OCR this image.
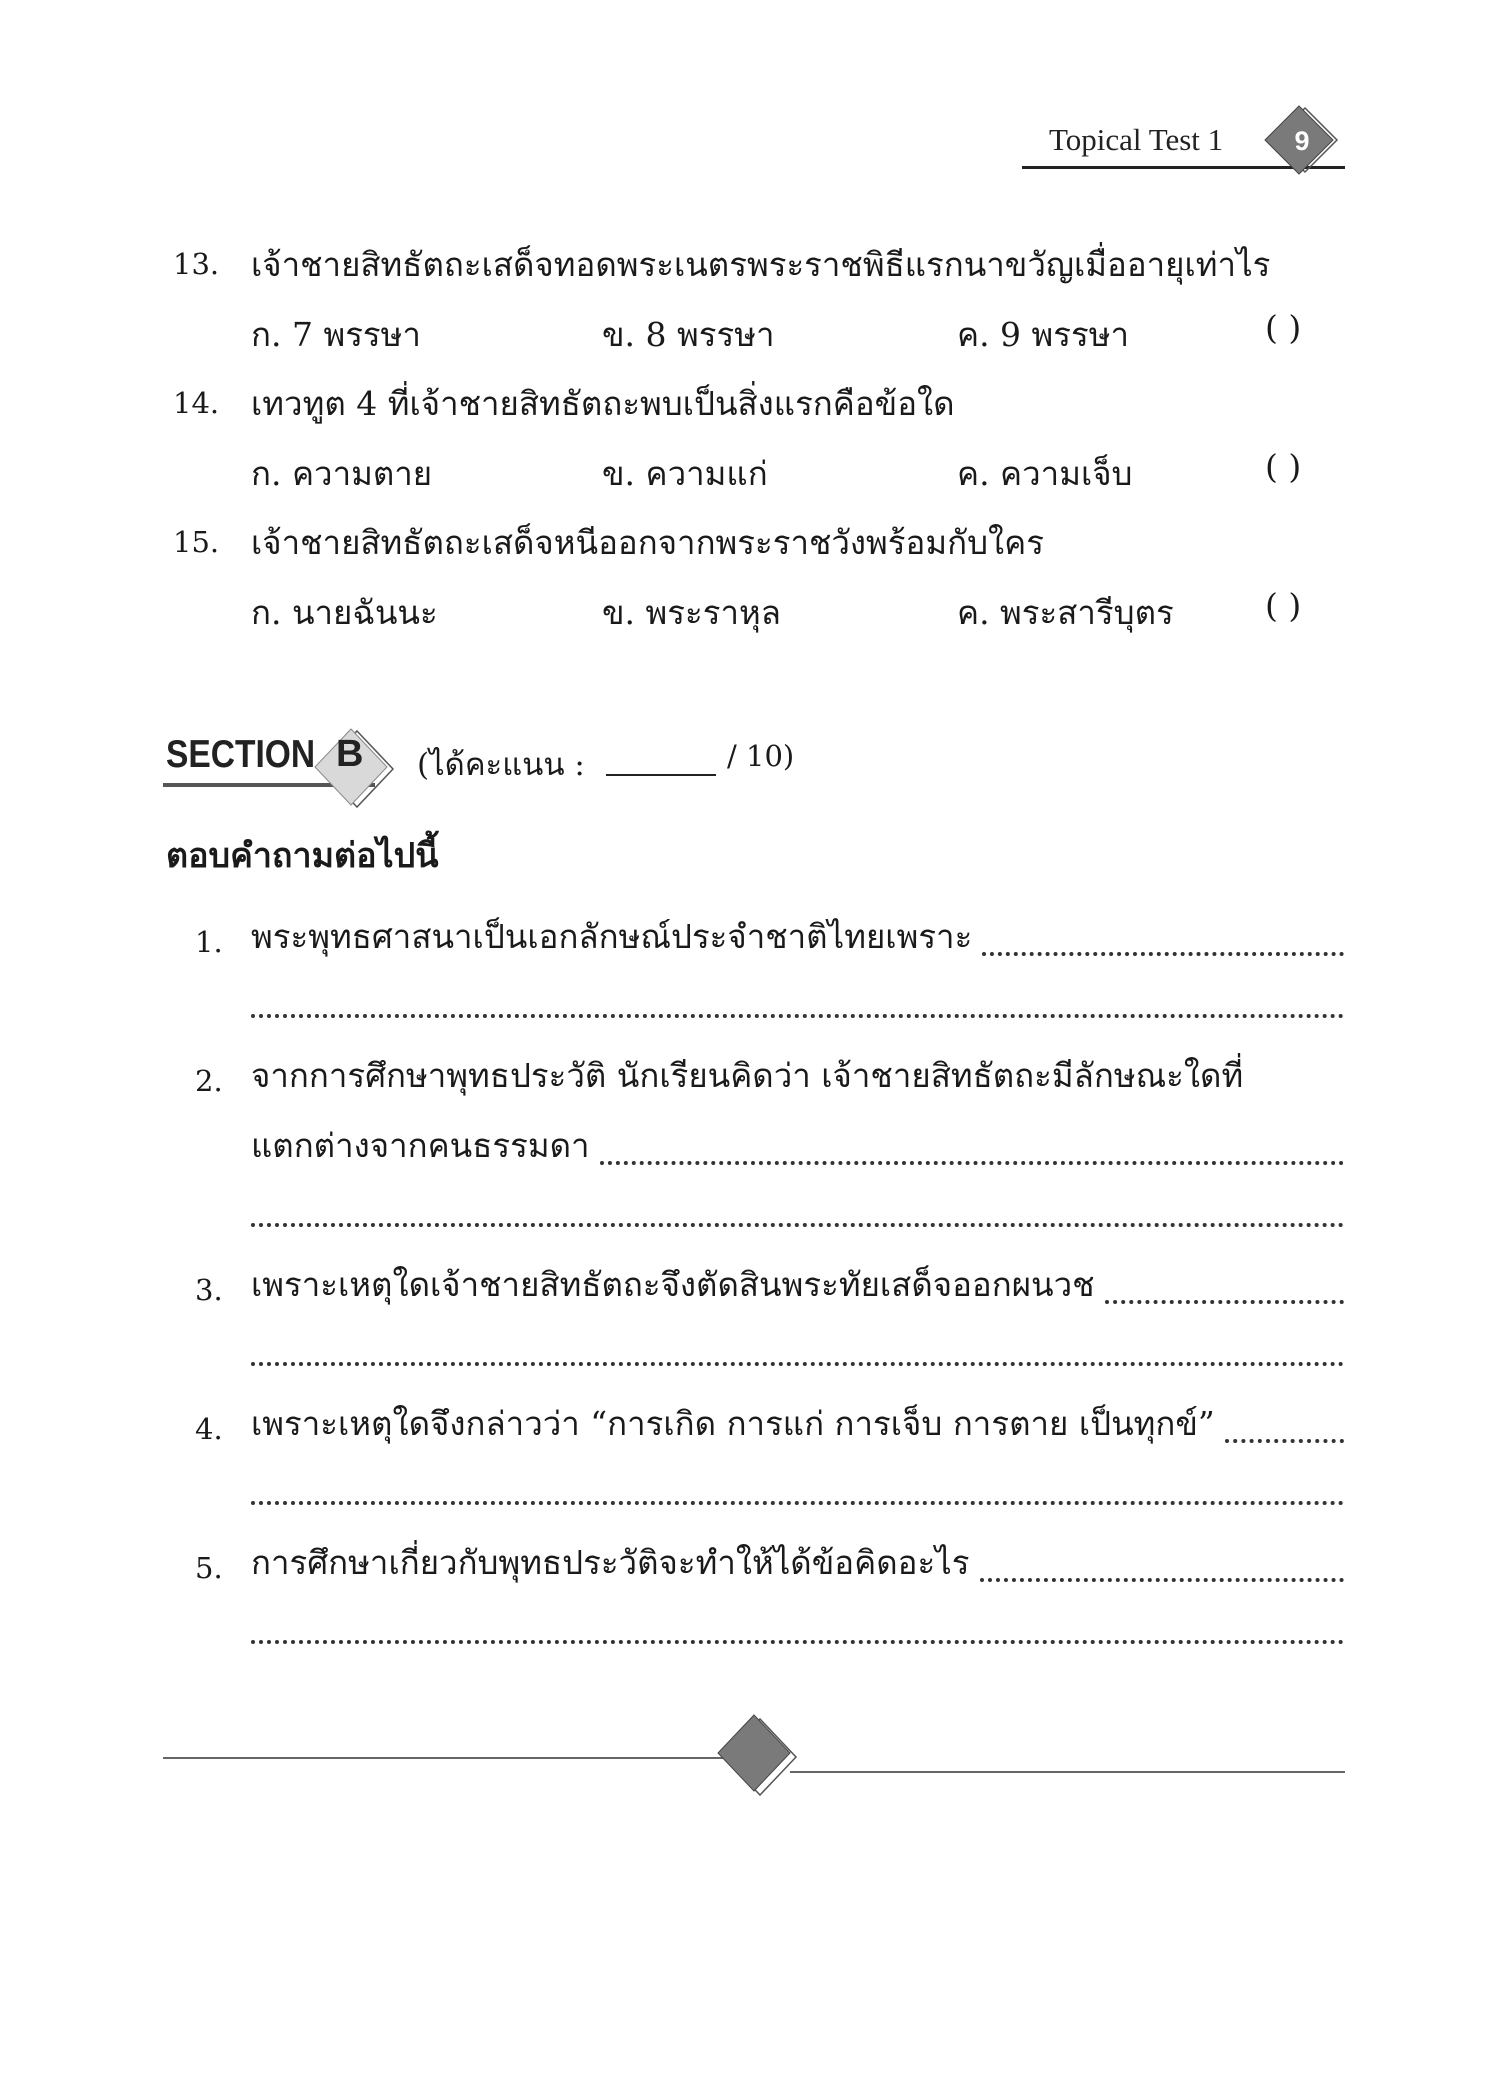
Topical Test 1	9
13. เจ้าชายสิทธัตถะเสด็จทอดพระเนตรพระราชพิธีแรกนาขวัญเมื่ออายุเท่าไร
ก. 7 พรรษา	ข. 8 พรรษา	ค. 9 พรรษา	( )
14. เทวทูต 4 ที่เจ้าชายสิทธัตถะพบเป็นสิ่งแรกคือข้อใด
ก. ความตาย	ข. ความแก่	ค. ความเจ็บ	( )
15. เจ้าชายสิทธัตถะเสด็จหนีออกจากพระราชวังพร้อมกับใคร
ก. นายฉันนะ	ข. พระราหุล	ค. พระสารีบุตร	( )
SECTION B (ได้คะแนน :	/ 10)
ตอบคำถามต่อไปนี้
1. พระพุทธศาสนาเป็นเอกลักษณ์ประจำชาติไทยเพราะ
2. จากการศึกษาพุทธประวัติ นักเรียนคิดว่า เจ้าชายสิทธัตถะมีลักษณะใดที่
แตกต่างจากคนธรรมดา
3. เพราะเหตุใดเจ้าชายสิทธัตถะจึงตัดสินพระทัยเสด็จออกผนวช
4. เพราะเหตุใดจึงกล่าวว่า “การเกิด การแก่ การเจ็บ การตาย เป็นทุกข์”
5. การศึกษาเกี่ยวกับพุทธประวัติจะทำให้ได้ข้อคิดอะไร
